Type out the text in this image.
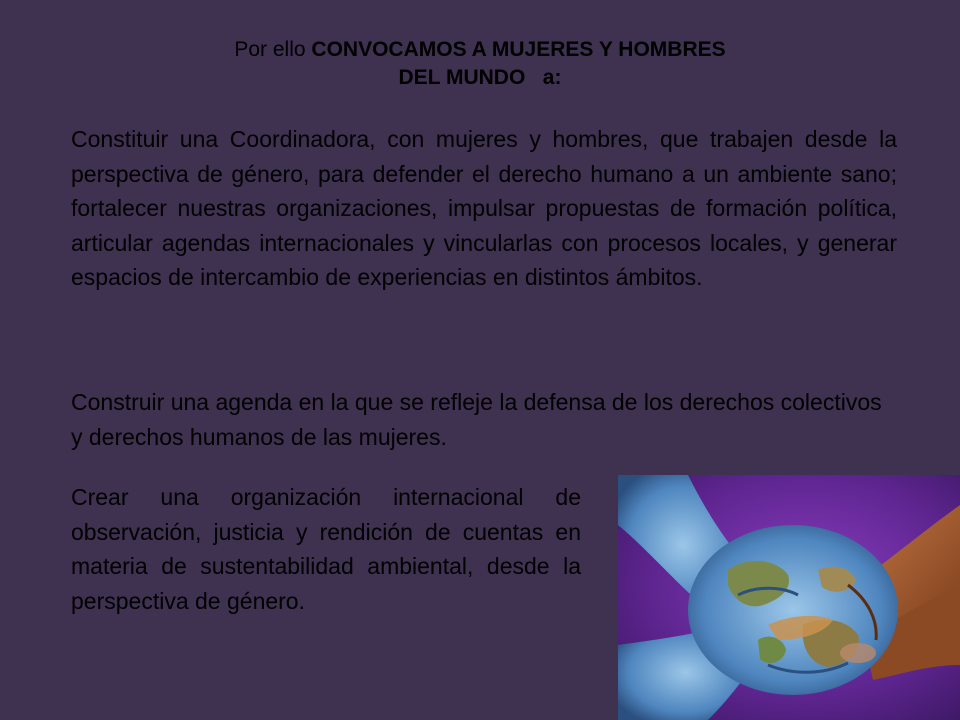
Por ello CONVOCAMOS A MUJERES Y HOMBRES
DEL MUNDO   a:

Constituir una Coordinadora, con mujeres y hombres, que trabajen desde la perspectiva de género, para defender el derecho humano a un ambiente sano; fortalecer nuestras organizaciones, impulsar propuestas de formación política, articular agendas internacionales y vincularlas con procesos locales, y generar espacios de intercambio de experiencias en distintos ámbitos.

Construir una agenda en la que se refleje la defensa de los derechos colectivos y derechos humanos de las mujeres.

Crear una organización internacional de observación, justicia y rendición de cuentas en materia de sustentabilidad ambiental, desde la perspectiva de género.
